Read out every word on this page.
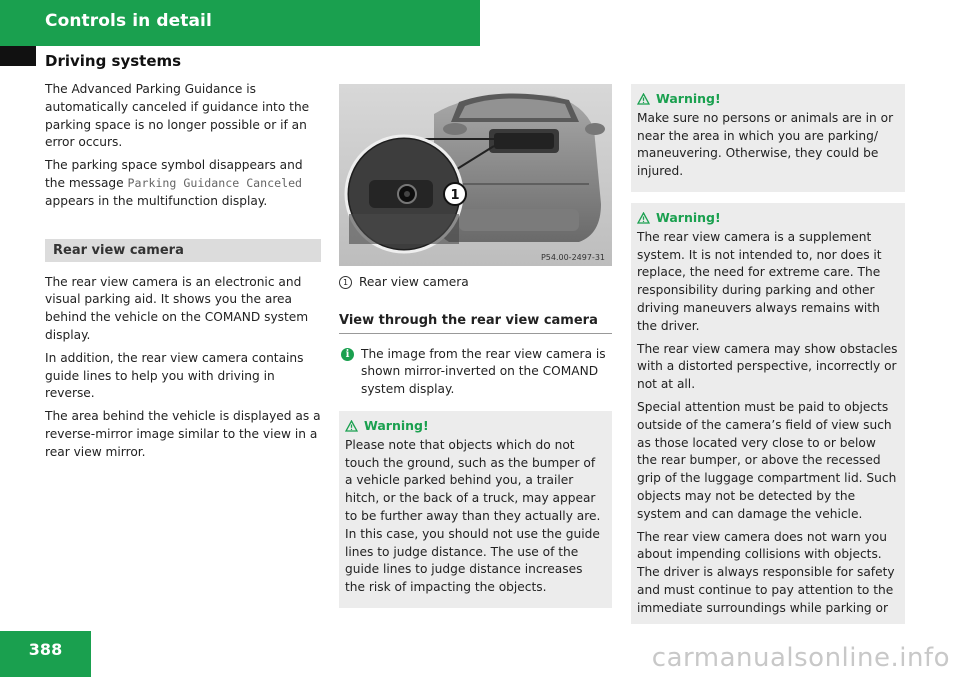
Controls in detail
Driving systems

The Advanced Parking Guidance is automatically canceled if guidance into the parking space is no longer possible or if an error occurs.

The parking space symbol disappears and the message Parking Guidance Canceled appears in the multifunction display.

Rear view camera

The rear view camera is an electronic and visual parking aid. It shows you the area behind the vehicle on the COMAND system display.

In addition, the rear view camera contains guide lines to help you with driving in reverse.

The area behind the vehicle is displayed as a reverse-mirror image similar to the view in a rear view mirror.

1
P54.00-2497-31
1 Rear view camera
View through the rear view camera
i The image from the rear view camera is shown mirror-inverted on the COMAND system display.
Warning!

Please note that objects which do not touch the ground, such as the bumper of a vehicle parked behind you, a trailer hitch, or the back of a truck, may appear to be further away than they actually are. In this case, you should not use the guide lines to judge distance. The use of the guide lines to judge distance increases the risk of impacting the objects.

Warning!

Make sure no persons or animals are in or near the area in which you are parking/ maneuvering. Otherwise, they could be injured.

Warning!

The rear view camera is a supplement system. It is not intended to, nor does it replace, the need for extreme care. The responsibility during parking and other driving maneuvers always remains with the driver.

The rear view camera may show obstacles with a distorted perspective, incorrectly or not at all.

Special attention must be paid to objects outside of the camera’s field of view such as those located very close to or below the rear bumper, or above the recessed grip of the luggage compartment lid. Such objects may not be detected by the system and can damage the vehicle.

The rear view camera does not warn you about impending collisions with objects. The driver is always responsible for safety and must continue to pay attention to the immediate surroundings while parking or

388	carmanualsonline.info
